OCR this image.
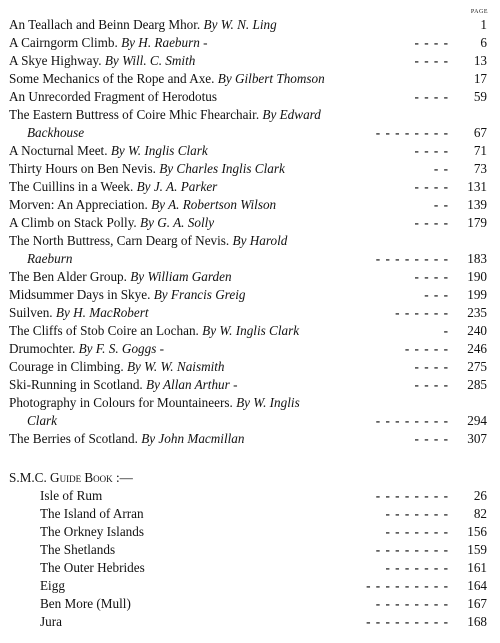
PAGE
An Teallach and Beinn Dearg Mhor. By W. N. Ling	1
A Cairngorm Climb. By H. Raeburn -	- - - -	6
A Skye Highway. By Will. C. Smith	- - - -	13
Some Mechanics of the Rope and Axe. By Gilbert Thomson	17
An Unrecorded Fragment of Herodotus	- - - -	59
The Eastern Buttress of Coire Mhic Fhearchair. By Edward
Backhouse	- - - - - - - -	67
A Nocturnal Meet. By W. Inglis Clark	- - - -	71
Thirty Hours on Ben Nevis. By Charles Inglis Clark	- -	73
The Cuillins in a Week. By J. A. Parker	- - - -	131
Morven: An Appreciation. By A. Robertson Wilson	- -	139
A Climb on Stack Polly. By G. A. Solly	- - - -	179
The North Buttress, Carn Dearg of Nevis. By Harold
Raeburn	- - - - - - - -	183
The Ben Alder Group. By William Garden	- - - -	190
Midsummer Days in Skye. By Francis Greig	- - -	199
Suilven. By H. MacRobert	- - - - - -	235
The Cliffs of Stob Coire an Lochan. By W. Inglis Clark	-	240
Drumochter. By F. S. Goggs -	- - - - -	246
Courage in Climbing. By W. W. Naismith	- - - -	275
Ski-Running in Scotland. By Allan Arthur -	- - - -	285
Photography in Colours for Mountaineers. By W. Inglis
Clark	- - - - - - - -	294
The Berries of Scotland. By John Macmillan	- - - -	307
S.M.C. Guide Book :—
Isle of Rum	- - - - - - - -	26
The Island of Arran	- - - - - - -	82
The Orkney Islands	- - - - - - -	156
The Shetlands	- - - - - - - -	159
The Outer Hebrides	- - - - - - -	161
Eigg	- - - - - - - - -	164
Ben More (Mull)	- - - - - - - -	167
Jura	- - - - - - - - -	168
